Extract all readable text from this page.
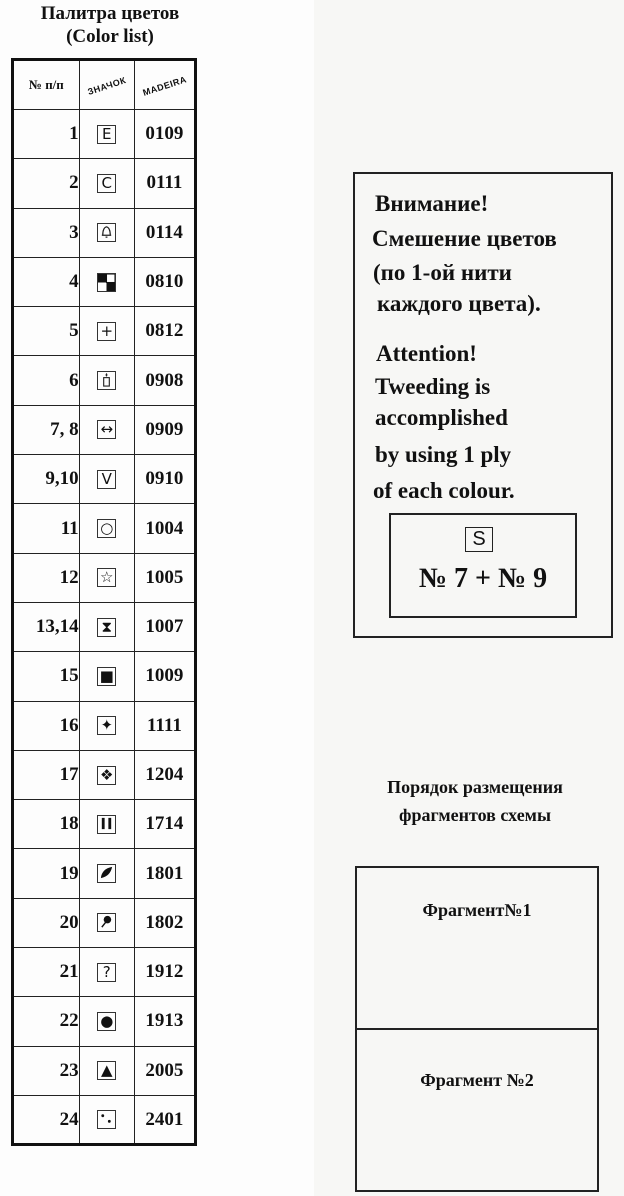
Палитра цветов
(Color list)
№ п/п	ЗНАЧОК	MADEIRA
1	E	0109
2	C	0111
3		0114
4		0810
5	+	0812
6		0908
7, 8	↔	0909
9,10	V	0910
11	○	1004
12	☆	1005
13,14	⧗	1007
15	■	1009
16	✦	1111
17	❖	1204
18		1714
19		1801
20		1802
21	?	1912
22	●	1913
23	▲	2005
24		2401
Внимание!
Смешение цветов
(по 1-ой нити
каждого цвета).
Attention!
Tweeding is
accomplished
by using 1 ply
of each colour.
S
№ 7 + № 9
Порядок размещения
фрагментов схемы
Фрагмент№1
Фрагмент №2
